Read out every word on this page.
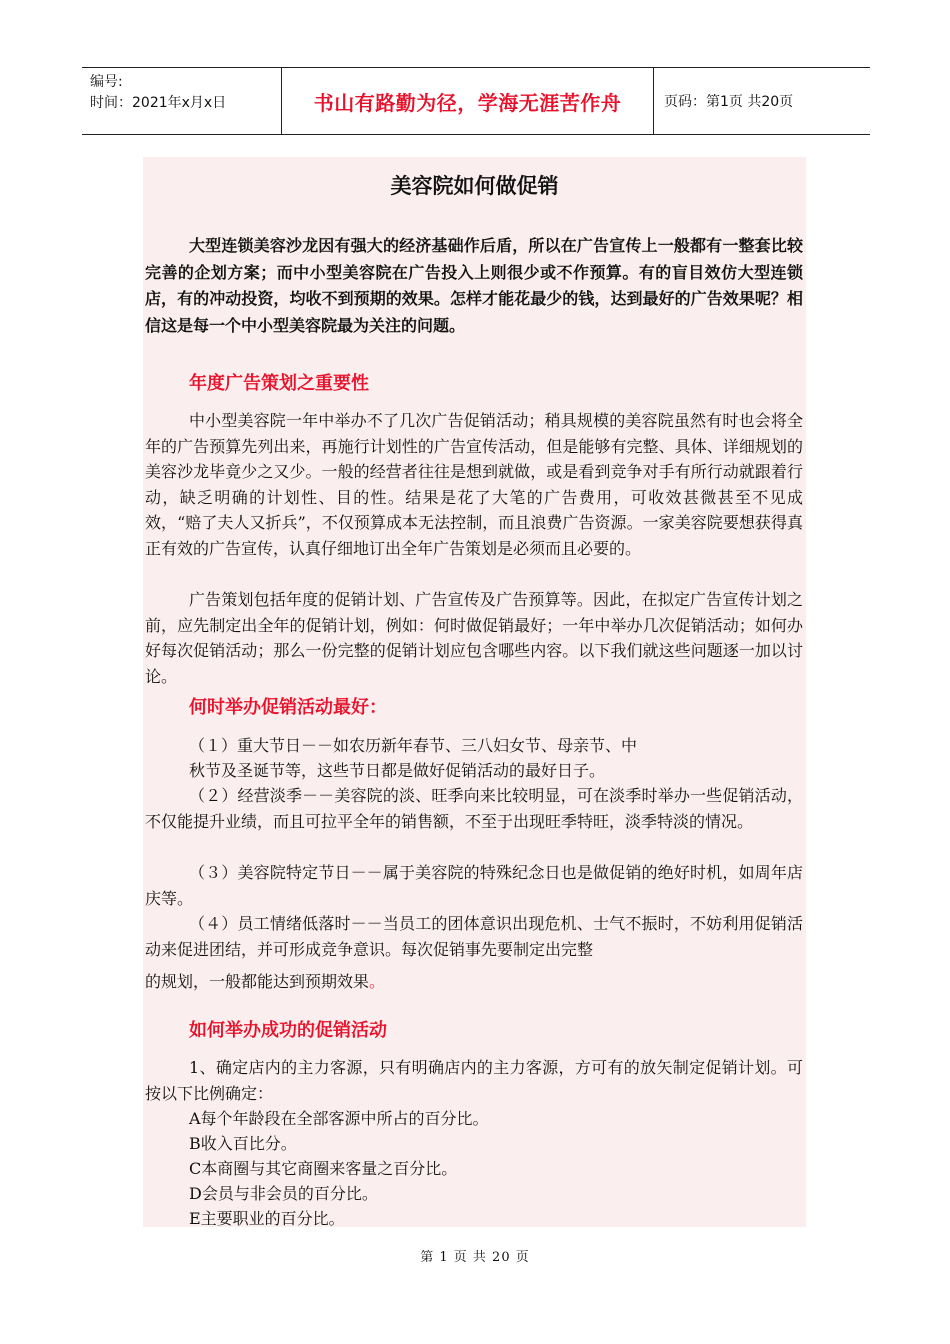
编号:
时间：2021年x月x日	书山有路勤为径，学海无涯苦作舟	页码：第1页 共20页
美容院如何做促销

大型连锁美容沙龙因有强大的经济基础作后盾，所以在广告宣传上一般都有一整套比较完善的企划方案；而中小型美容院在广告投入上则很少或不作预算。有的盲目效仿大型连锁店，有的冲动投资，均收不到预期的效果。怎样才能花最少的钱，达到最好的广告效果呢？相信这是每一个中小型美容院最为关注的问题。

年度广告策划之重要性

中小型美容院一年中举办不了几次广告促销活动；稍具规模的美容院虽然有时也会将全年的广告预算先列出来，再施行计划性的广告宣传活动，但是能够有完整、具体、详细规划的美容沙龙毕竟少之又少。一般的经营者往往是想到就做，或是看到竞争对手有所行动就跟着行动，缺乏明确的计划性、目的性。结果是花了大笔的广告费用，可收效甚微甚至不见成效，“赔了夫人又折兵”，不仅预算成本无法控制，而且浪费广告资源。一家美容院要想获得真正有效的广告宣传，认真仔细地订出全年广告策划是必须而且必要的。

广告策划包括年度的促销计划、广告宣传及广告预算等。因此，在拟定广告宣传计划之前，应先制定出全年的促销计划，例如：何时做促销最好；一年中举办几次促销活动；如何办好每次促销活动；那么一份完整的促销计划应包含哪些内容。以下我们就这些问题逐一加以讨论。

何时举办促销活动最好：
（１）重大节日－－如农历新年春节、三八妇女节、母亲节、中
秋节及圣诞节等，这些节日都是做好促销活动的最好日子。

（２）经营淡季－－美容院的淡、旺季向来比较明显，可在淡季时举办一些促销活动，不仅能提升业绩，而且可拉平全年的销售额，不至于出现旺季特旺，淡季特淡的情况。

（３）美容院特定节日－－属于美容院的特殊纪念日也是做促销的绝好时机，如周年店庆等。

（４）员工情绪低落时－－当员工的团体意识出现危机、士气不振时，不妨利用促销活动来促进团结，并可形成竞争意识。每次促销事先要制定出完整

的规划，一般都能达到预期效果。
如何举办成功的促销活动

1、确定店内的主力客源，只有明确店内的主力客源，方可有的放矢制定促销计划。可按以下比例确定：

A每个年龄段在全部客源中所占的百分比。
B收入百比分。
C本商圈与其它商圈来客量之百分比。
D会员与非会员的百分比。
E主要职业的百分比。
第 1 页 共 20 页
